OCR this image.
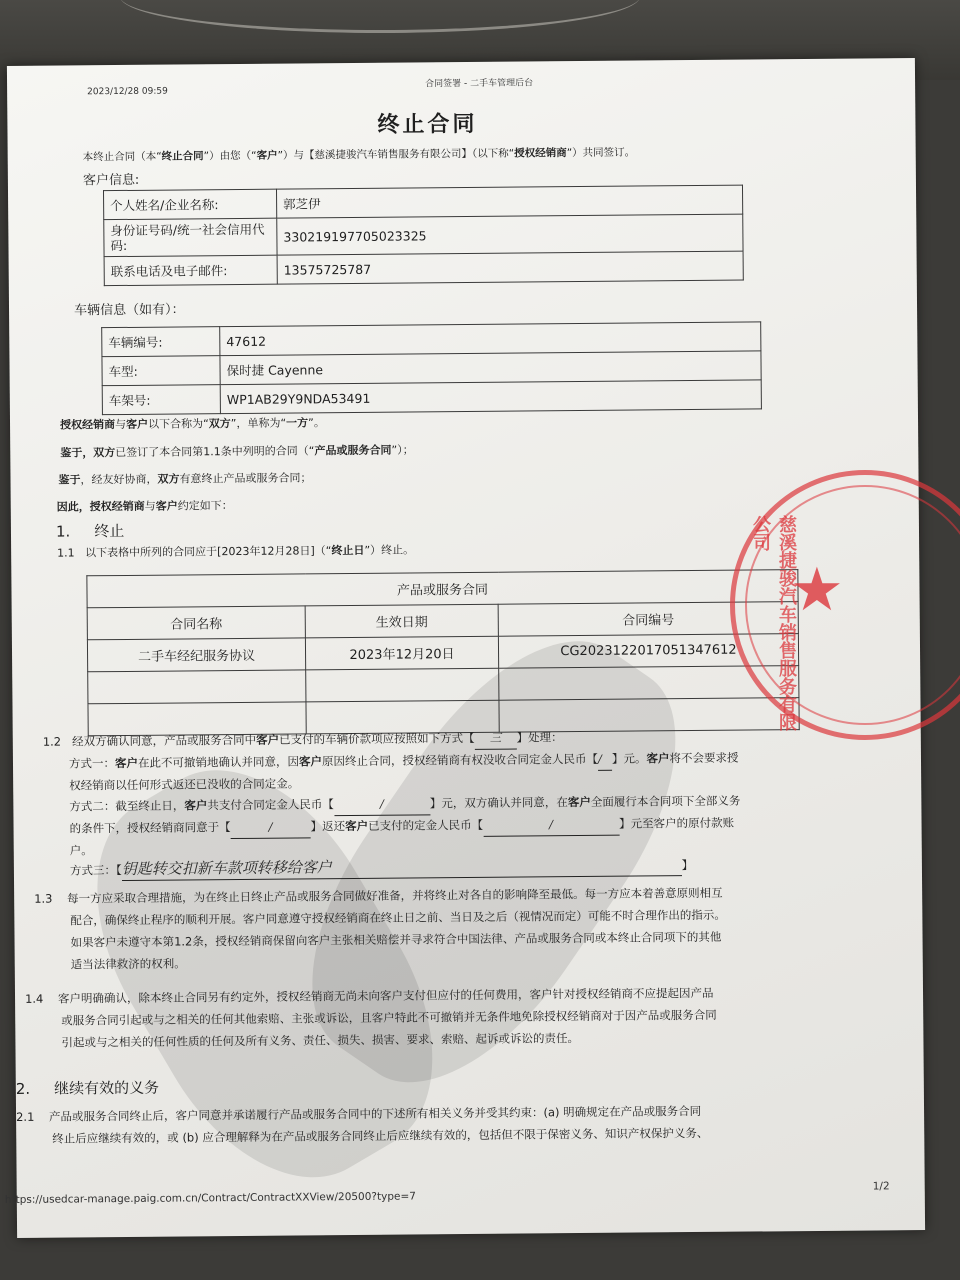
2023/12/28 09:59
合同签署 - 二手车管理后台
终止合同
本终止合同（本“终止合同”）由您（“客户”）与【慈溪捷骏汽车销售服务有限公司】（以下称“授权经销商”）共同签订。
客户信息:
个人姓名/企业名称:	郭芝伊
身份证号码/统一社会信用代码:	330219197705023325
联系电话及电子邮件:	13575725787
车辆信息（如有）：
车辆编号:	47612
车型:	保时捷 Cayenne
车架号:	WP1AB29Y9NDA53491
授权经销商与客户以下合称为“双方”，单称为“一方”。
鉴于，双方已签订了本合同第1.1条中列明的合同（“产品或服务合同”）；
鉴于，经友好协商，双方有意终止产品或服务合同；
因此，授权经销商与客户约定如下：
1. 终止
1.1 以下表格中所列的合同应于[2023年12月28日]（“终止日”）终止。
产品或服务合同		
合同名称	生效日期	合同编号
二手车经纪服务协议	2023年12月20日	CG2023122017051347612

1.2 经双方确认同意，产品或服务合同中客户已支付的车辆价款项应按照如下方式【 三 】处理：
方式一：客户在此不可撤销地确认并同意，因客户原因终止合同，授权经销商有权没收合同定金人民币【/ 】元。客户将不会要求授
权经销商以任何形式返还已没收的合同定金。
方式二：截至终止日，客户共支付合同定金人民币【	/	】元，双方确认并同意，在客户全面履行本合同项下全部义务
的条件下，授权经销商同意于【	/	】返还客户已支付的定金人民币【	/	】元至客户的原付款账
户。
方式三：【钥匙转交扣新车款项转移给客户	】
1.3 每一方应采取合理措施，为在终止日终止产品或服务合同做好准备，并将终止对各自的影响降至最低。每一方应本着善意原则相互
配合，确保终止程序的顺利开展。客户同意遵守授权经销商在终止日之前、当日及之后（视情况而定）可能不时合理作出的指示。
如果客户未遵守本第1.2条，授权经销商保留向客户主张相关赔偿并寻求符合中国法律、产品或服务合同或本终止合同项下的其他
适当法律救济的权利。
1.4 客户明确确认，除本终止合同另有约定外，授权经销商无尚未向客户支付但应付的任何费用，客户针对授权经销商不应提起因产品
或服务合同引起或与之相关的任何其他索赔、主张或诉讼，且客户特此不可撤销并无条件地免除授权经销商对于因产品或服务合同
引起或与之相关的任何性质的任何及所有义务、责任、损失、损害、要求、索赔、起诉或诉讼的责任。
2. 继续有效的义务
2.1 产品或服务合同终止后，客户同意并承诺履行产品或服务合同中的下述所有相关义务并受其约束：(a) 明确规定在产品或服务合同
终止后应继续有效的，或 (b) 应合理解释为在产品或服务合同终止后应继续有效的，包括但不限于保密义务、知识产权保护义务、
https://usedcar-manage.paig.com.cn/Contract/ContractXXView/20500?type=7
1/2
★
慈溪捷骏汽车销售服务有限公司
